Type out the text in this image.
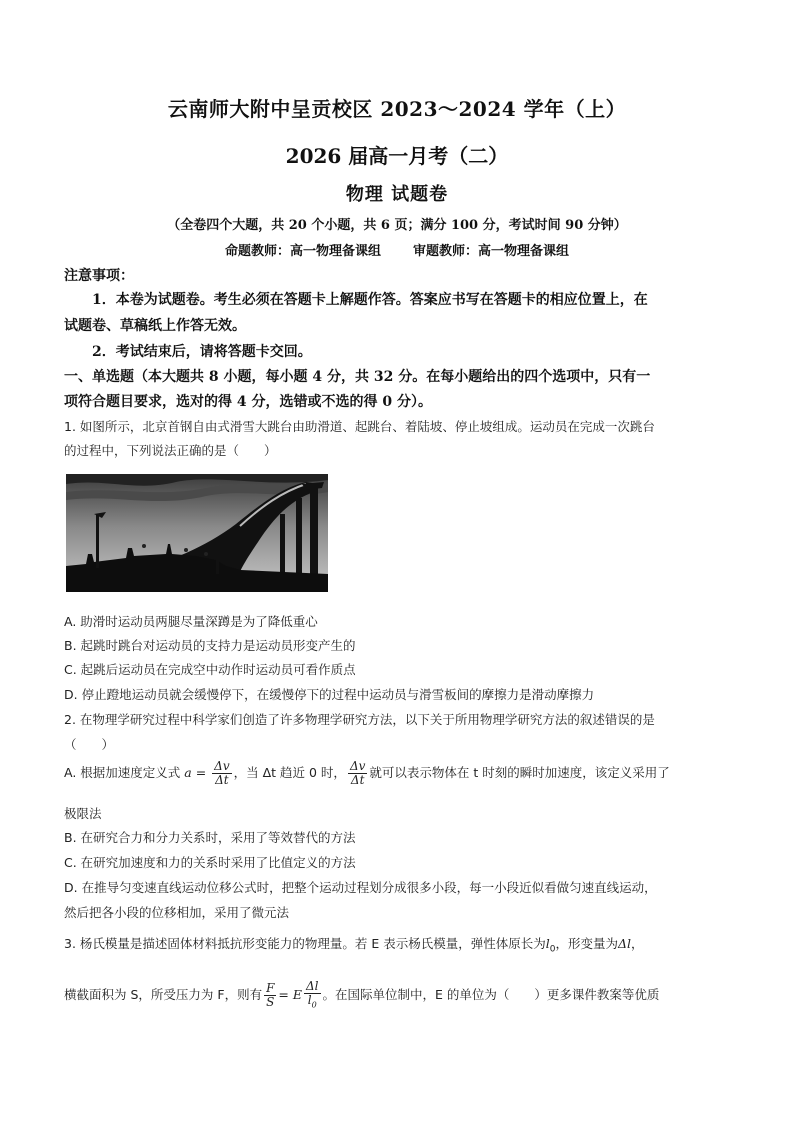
云南师大附中呈贡校区 2023～2024 学年（上）
2026 届高一月考（二）
物理 试题卷
（全卷四个大题，共 20 个小题，共 6 页；满分 100 分，考试时间 90 分钟）
命题教师：高一物理备课组 审题教师：高一物理备课组
注意事项：
1．本卷为试题卷。考生必须在答题卡上解题作答。答案应书写在答题卡的相应位置上，在
试题卷、草稿纸上作答无效。
2．考试结束后，请将答题卡交回。
一、单选题（本大题共 8 小题，每小题 4 分，共 32 分。在每小题给出的四个选项中，只有一
项符合题目要求，选对的得 4 分，选错或不选的得 0 分）。
1. 如图所示，北京首钢自由式滑雪大跳台由助滑道、起跳台、着陆坡、停止坡组成。运动员在完成一次跳台
的过程中，下列说法正确的是（　　）
A. 助滑时运动员两腿尽量深蹲是为了降低重心
B. 起跳时跳台对运动员的支持力是运动员形变产生的
C. 起跳后运动员在完成空中动作时运动员可看作质点
D. 停止蹬地运动员就会缓慢停下，在缓慢停下的过程中运动员与滑雪板间的摩擦力是滑动摩擦力
2. 在物理学研究过程中科学家们创造了许多物理学研究方法，以下关于所用物理学研究方法的叙述错误的是
（　　）
A. 根据加速度定义式 $a = \frac{\Delta v}{\Delta t}$ ，当 Δt 趋近 0 时， $\frac{\Delta v}{\Delta t}$ 就可以表示物体在 t 时刻的瞬时加速度，该定义采用了
极限法
B. 在研究合力和分力关系时，采用了等效替代的方法
C. 在研究加速度和力的关系时采用了比值定义的方法
D. 在推导匀变速直线运动位移公式时，把整个运动过程划分成很多小段，每一小段近似看做匀速直线运动，
然后把各小段的位移相加，采用了微元法
3. 杨氏模量是描述固体材料抵抗形变能力的物理量。若 E 表示杨氏模量，弹性体原长为$l_0$，形变量为Δl，
横截面积为 S，所受压力为 F，则有 $\frac{F}{S} = E \frac{\Delta l}{l_0}$ 。在国际单位制中，E 的单位为（　　）更多课件教案等优质
